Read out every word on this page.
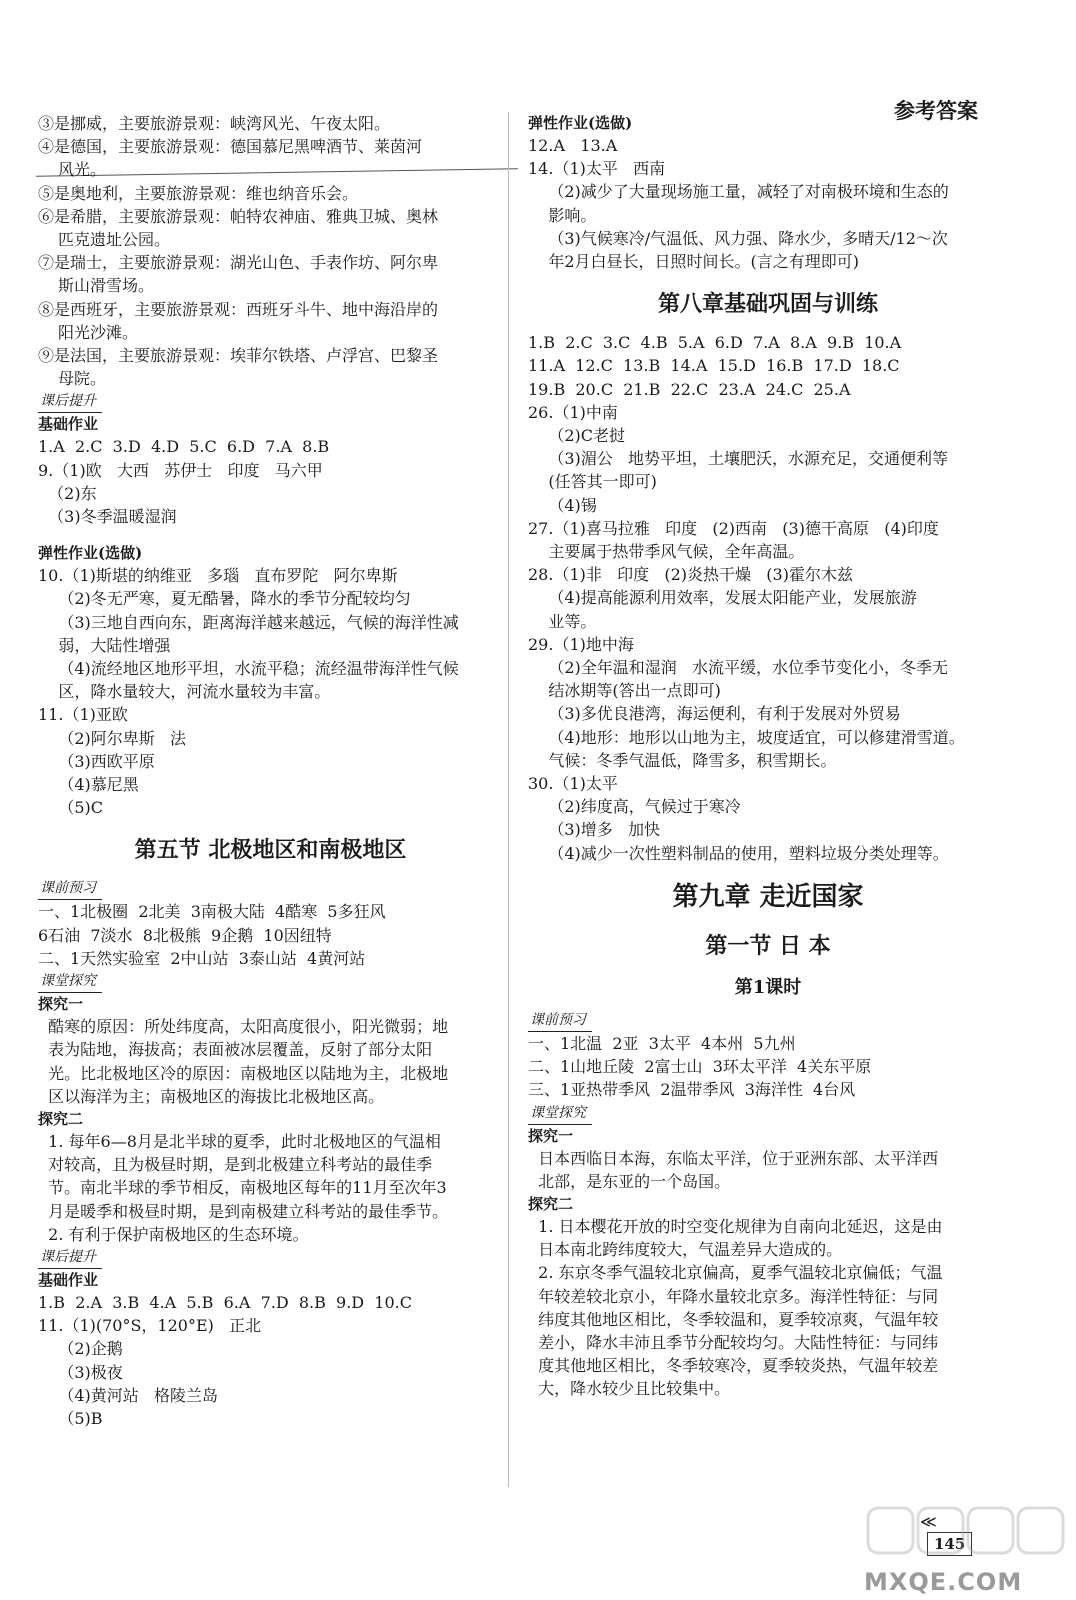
参考答案
③是挪威，主要旅游景观：峡湾风光、午夜太阳。
④是德国，主要旅游景观：德国慕尼黑啤酒节、莱茵河
风光。
⑤是奥地利，主要旅游景观：维也纳音乐会。
⑥是希腊，主要旅游景观：帕特农神庙、雅典卫城、奥林
匹克遗址公园。
⑦是瑞士，主要旅游景观：湖光山色、手表作坊、阿尔卑
斯山滑雪场。
⑧是西班牙，主要旅游景观：西班牙斗牛、地中海沿岸的
阳光沙滩。
⑨是法国，主要旅游景观：埃菲尔铁塔、卢浮宫、巴黎圣
母院。
课后提升
基础作业
1.A  2.C  3.D  4.D  5.C  6.D  7.A  8.B
9.（1)欧   大西   苏伊士   印度   马六甲
（2)东
（3)冬季温暖湿润
弹性作业(选做)
10.（1)斯堪的纳维亚   多瑙   直布罗陀   阿尔卑斯
（2)冬无严寒，夏无酷暑，降水的季节分配较均匀
（3)三地自西向东，距离海洋越来越远，气候的海洋性减
弱，大陆性增强
（4)流经地区地形平坦，水流平稳；流经温带海洋性气候
区，降水量较大，河流水量较为丰富。
11.（1)亚欧
（2)阿尔卑斯   法
（3)西欧平原
（4)慕尼黑
（5)C
第五节 北极地区和南极地区
课前预习
一、1北极圈  2北美  3南极大陆  4酷寒  5多狂风
6石油  7淡水  8北极熊  9企鹅  10因纽特
二、1天然实验室  2中山站  3泰山站  4黄河站
课堂探究
探究一
酷寒的原因：所处纬度高，太阳高度很小，阳光微弱；地
表为陆地，海拔高；表面被冰层覆盖，反射了部分太阳
光。比北极地区冷的原因：南极地区以陆地为主，北极地
区以海洋为主；南极地区的海拔比北极地区高。
探究二
1. 每年6—8月是北半球的夏季，此时北极地区的气温相
对较高，且为极昼时期，是到北极建立科考站的最佳季
节。南北半球的季节相反，南极地区每年的11月至次年3
月是暖季和极昼时期，是到南极建立科考站的最佳季节。
2. 有利于保护南极地区的生态环境。
课后提升
基础作业
1.B  2.A  3.B  4.A  5.B  6.A  7.D  8.B  9.D  10.C
11.（1)(70°S，120°E)   正北
（2)企鹅
（3)极夜
（4)黄河站   格陵兰岛
（5)B
弹性作业(选做)
12.A   13.A
14.（1)太平   西南
（2)减少了大量现场施工量，减轻了对南极环境和生态的
影响。
（3)气候寒冷/气温低、风力强、降水少，多晴天/12～次
年2月白昼长，日照时间长。(言之有理即可)
第八章基础巩固与训练
1.B  2.C  3.C  4.B  5.A  6.D  7.A  8.A  9.B  10.A
11.A  12.C  13.B  14.A  15.D  16.B  17.D  18.C
19.B  20.C  21.B  22.C  23.A  24.C  25.A
26.（1)中南
（2)C老挝
（3)湄公   地势平坦，土壤肥沃，水源充足，交通便利等
(任答其一即可)
（4)锡
27.（1)喜马拉雅   印度   (2)西南   (3)德干高原   (4)印度
主要属于热带季风气候，全年高温。
28.（1)非   印度   (2)炎热干燥   (3)霍尔木兹
（4)提高能源利用效率，发展太阳能产业，发展旅游
业等。
29.（1)地中海
（2)全年温和湿润   水流平缓，水位季节变化小，冬季无
结冰期等(答出一点即可)
（3)多优良港湾，海运便利，有利于发展对外贸易
（4)地形：地形以山地为主，坡度适宜，可以修建滑雪道。
气候：冬季气温低，降雪多，积雪期长。
30.（1)太平
（2)纬度高，气候过于寒冷
（3)增多   加快
（4)减少一次性塑料制品的使用，塑料垃圾分类处理等。
第九章 走近国家
第一节 日 本
第1课时
课前预习
一、1北温  2亚  3太平  4本州  5九州
二、1山地丘陵  2富士山  3环太平洋  4关东平原
三、1亚热带季风  2温带季风  3海洋性  4台风
课堂探究
探究一
日本西临日本海，东临太平洋，位于亚洲东部、太平洋西
北部，是东亚的一个岛国。
探究二
1. 日本樱花开放的时空变化规律为自南向北延迟，这是由
日本南北跨纬度较大，气温差异大造成的。
2. 东京冬季气温较北京偏高，夏季气温较北京偏低；气温
年较差较北京小，年降水量较北京多。海洋性特征：与同
纬度其他地区相比，冬季较温和，夏季较凉爽，气温年较
差小，降水丰沛且季节分配较均匀。大陆性特征：与同纬
度其他地区相比，冬季较寒冷，夏季较炎热，气温年较差
大，降水较少且比较集中。
≪
145
MXQE.COM
